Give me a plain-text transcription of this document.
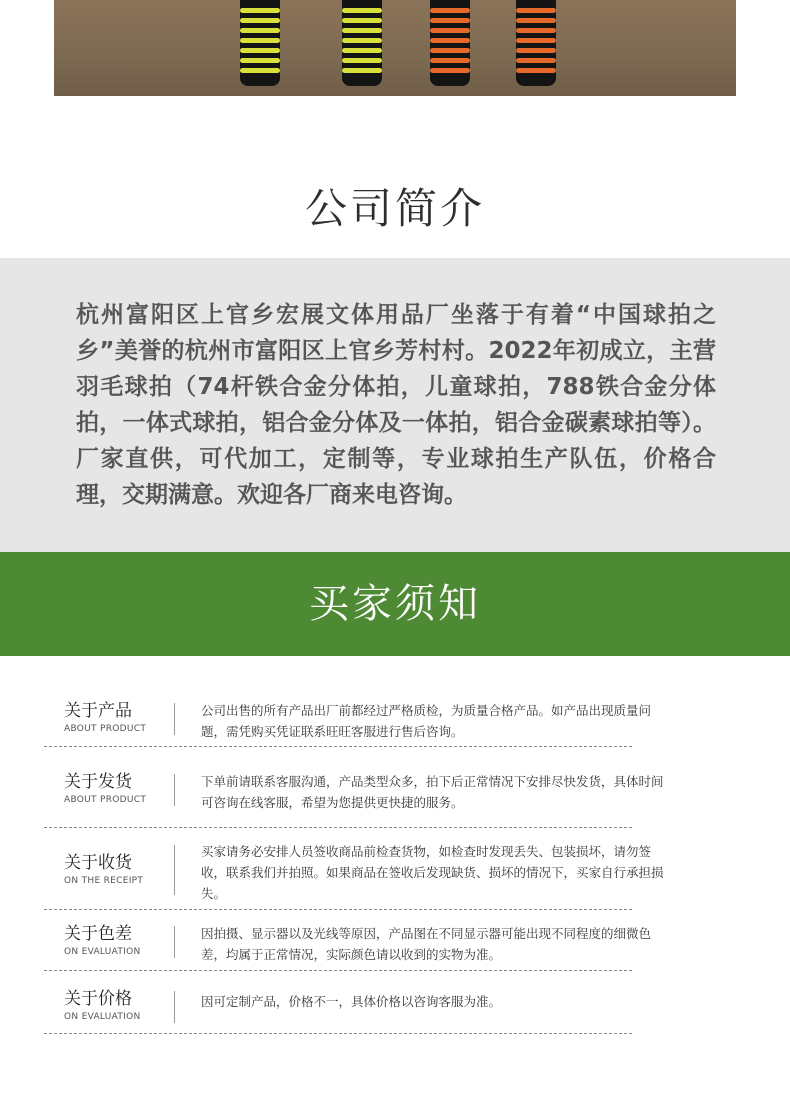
公司简介

杭州富阳区上官乡宏展文体用品厂坐落于有着“中国球拍之乡”美誉的杭州市富阳区上官乡芳村村。2022年初成立，主营羽毛球拍（74杆铁合金分体拍，儿童球拍，788铁合金分体拍，一体式球拍，铝合金分体及一体拍，铝合金碳素球拍等）。厂家直供，可代加工，定制等，专业球拍生产队伍，价格合理，交期满意。欢迎各厂商来电咨询。

买家须知
关于产品
ABOUT PRODUCT
公司出售的所有产品出厂前都经过严格质检，为质量合格产品。如产品出现质量问题，需凭购买凭证联系旺旺客服进行售后咨询。
关于发货
ABOUT PRODUCT
下单前请联系客服沟通，产品类型众多，拍下后正常情况下安排尽快发货，具体时间可咨询在线客服，希望为您提供更快捷的服务。
关于收货
ON THE RECEIPT
买家请务必安排人员签收商品前检查货物，如检查时发现丢失、包装损坏，请勿签收，联系我们并拍照。如果商品在签收后发现缺货、损坏的情况下，买家自行承担损失。
关于色差
ON EVALUATION
因拍摄、显示器以及光线等原因，产品图在不同显示器可能出现不同程度的细微色差，均属于正常情况，实际颜色请以收到的实物为准。
关于价格
ON EVALUATION
因可定制产品，价格不一，具体价格以咨询客服为准。
